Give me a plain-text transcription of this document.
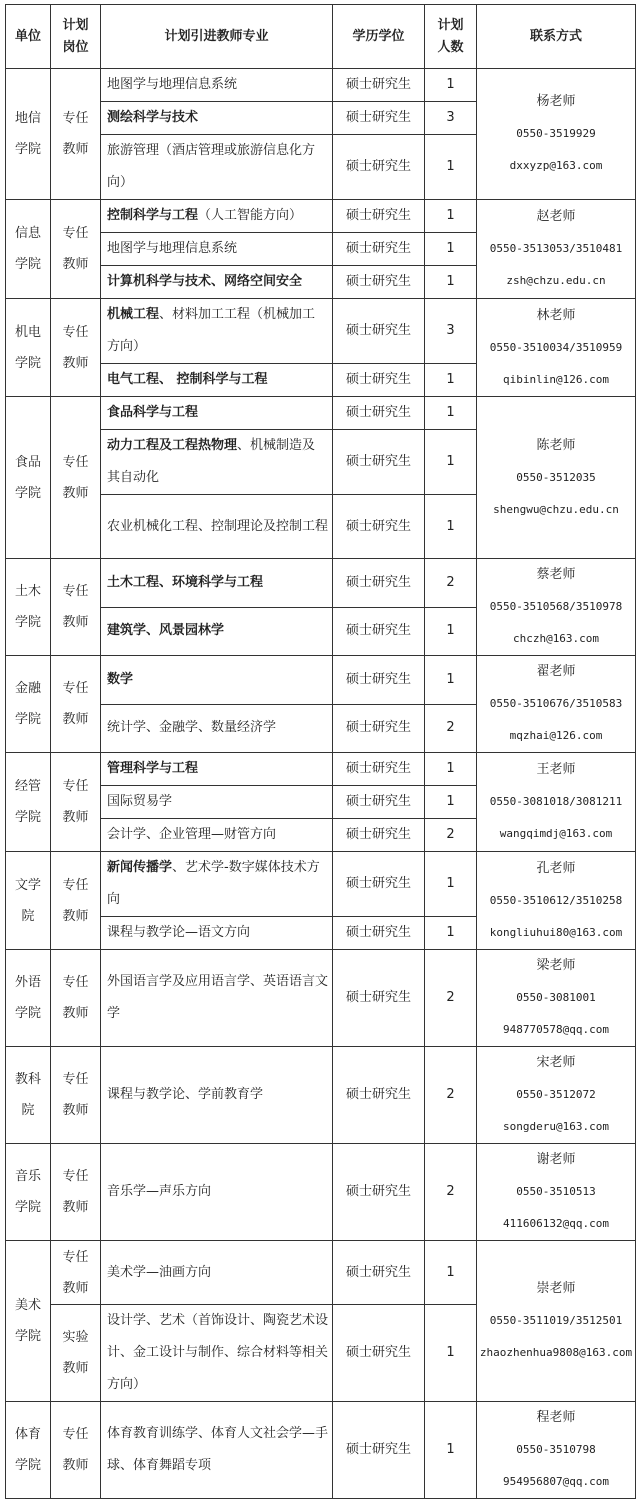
单位	计划岗位	计划引进教师专业	学历学位	计划人数	联系方式
地信学院	专任教师	地图学与地理信息系统	硕士研究生	1	杨老师
0550-3519929
dxxyzp@163.com

		测绘科学与技术	硕士研究生	3	
		旅游管理（酒店管理或旅游信息化方向）	硕士研究生	1	
信息学院	专任教师	控制科学与工程（人工智能方向）	硕士研究生	1	赵老师
0550-3513053/3510481
zsh@chzu.edu.cn

		地图学与地理信息系统	硕士研究生	1	
		计算机科学与技术、网络空间安全	硕士研究生	1	
机电学院	专任教师	机械工程、材料加工工程（机械加工方向）	硕士研究生	3	林老师
0550-3510034/3510959
qibinlin@126.com

		电气工程、 控制科学与工程	硕士研究生	1	
食品学院	专任教师	食品科学与工程	硕士研究生	1	陈老师
0550-3512035
shengwu@chzu.edu.cn

		动力工程及工程热物理、机械制造及其自动化	硕士研究生	1	
		农业机械化工程、控制理论及控制工程	硕士研究生	1	
土木学院	专任教师	土木工程、环境科学与工程	硕士研究生	2	蔡老师
0550-3510568/3510978
chczh@163.com

		建筑学、风景园林学	硕士研究生	1	
金融学院	专任教师	数学	硕士研究生	1	翟老师
0550-3510676/3510583
mqzhai@126.com

		统计学、金融学、数量经济学	硕士研究生	2	
经管学院	专任教师	管理科学与工程	硕士研究生	1	王老师
0550-3081018/3081211
wangqimdj@163.com

		国际贸易学	硕士研究生	1	
		会计学、企业管理—财管方向	硕士研究生	2	
文学院	专任教师	新闻传播学、艺术学-数字媒体技术方向	硕士研究生	1	孔老师
0550-3510612/3510258
kongliuhui80@163.com

		课程与教学论—语文方向	硕士研究生	1	
外语学院	专任教师	外国语言学及应用语言学、英语语言文学	硕士研究生	2	梁老师
0550-3081001
948770578@qq.com

教科院	专任教师	课程与教学论、学前教育学	硕士研究生	2	宋老师
0550-3512072
songderu@163.com

音乐学院	专任教师	音乐学—声乐方向	硕士研究生	2	谢老师
0550-3510513
411606132@qq.com

美术学院	专任教师	美术学—油画方向	硕士研究生	1	崇老师
0550-3511019/3512501
zhaozhenhua9808@163.com

	实验教师	设计学、艺术（首饰设计、陶瓷艺术设计、金工设计与制作、综合材料等相关方向）	硕士研究生	1	
体育学院	专任教师	体育教育训练学、体育人文社会学—手球、体育舞蹈专项	硕士研究生	1	程老师
0550-3510798
954956807@qq.com
